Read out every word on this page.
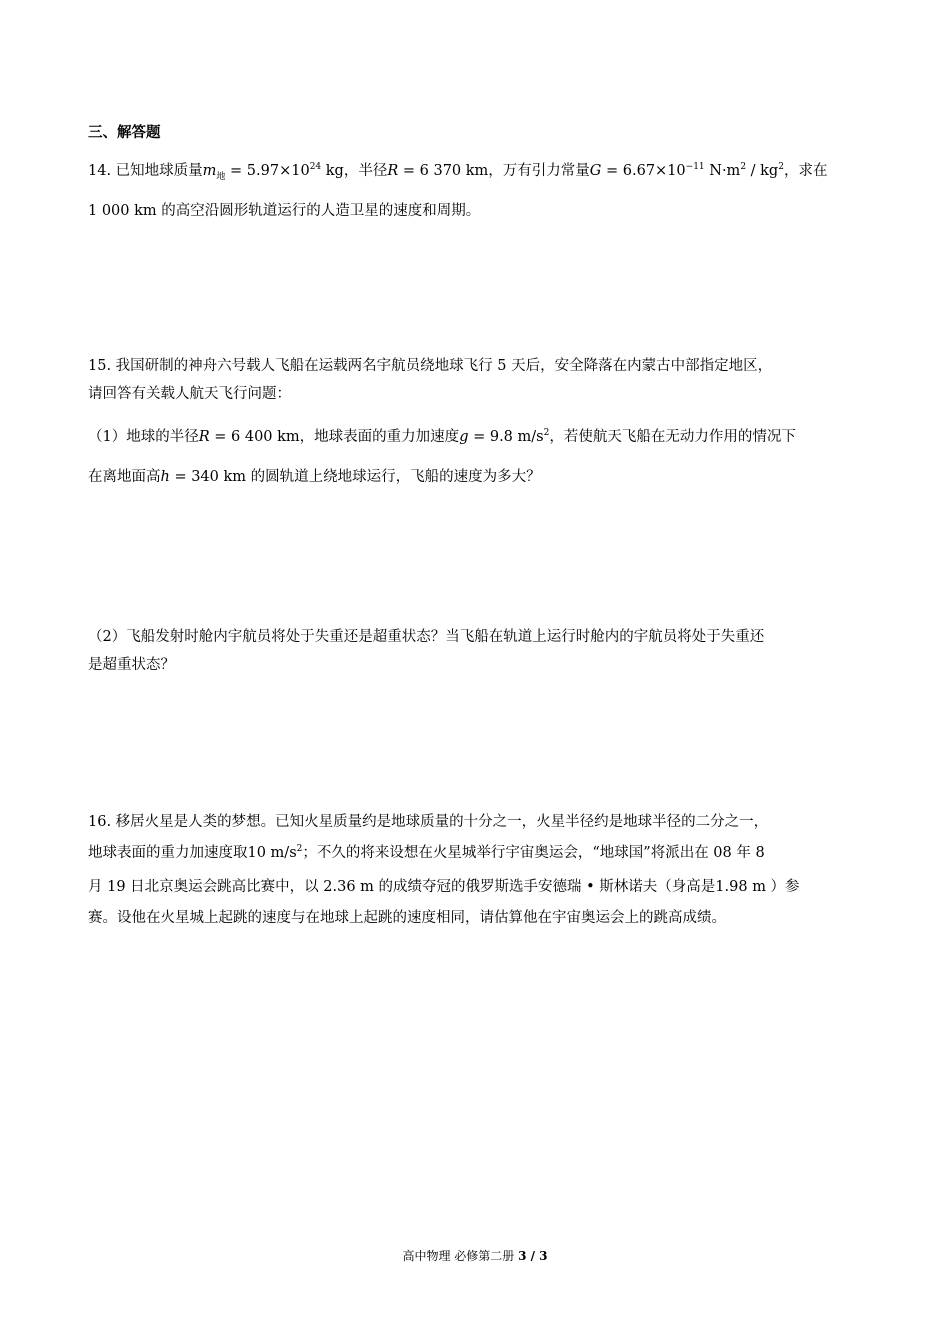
三、解答题
14. 已知地球质量$m_地 = 5.97\times 10^{24}$ kg，半径R = 6 370 km，万有引力常量$G = 6.67\times 10^{-11}$ $N\cdot m^2 / kg^2$，求在
1 000 km 的高空沿圆形轨道运行的人造卫星的速度和周期。
15. 我国研制的神舟六号载人飞船在运载两名宇航员绕地球飞行 5 天后，安全降落在内蒙古中部指定地区，
请回答有关载人航天飞行问题：
（1）地球的半径R = 6 400 km，地球表面的重力加速度g = 9.8 $m/s^2$，若使航天飞船在无动力作用的情况下
在离地面高h = 340 km 的圆轨道上绕地球运行，飞船的速度为多大？
（2）飞船发射时舱内宇航员将处于失重还是超重状态？当飞船在轨道上运行时舱内的宇航员将处于失重还
是超重状态？
16. 移居火星是人类的梦想。已知火星质量约是地球质量的十分之一，火星半径约是地球半径的二分之一，
地球表面的重力加速度取10 $m/s^2$；不久的将来设想在火星城举行宇宙奥运会，“地球国”将派出在 08 年 8
月 19 日北京奥运会跳高比赛中，以 2.36 m 的成绩夺冠的俄罗斯选手安德瑞 • 斯林诺夫（身高是1.98 m ）参
赛。设他在火星城上起跳的速度与在地球上起跳的速度相同，请估算他在宇宙奥运会上的跳高成绩。
高中物理 必修第二册 3 / 3
